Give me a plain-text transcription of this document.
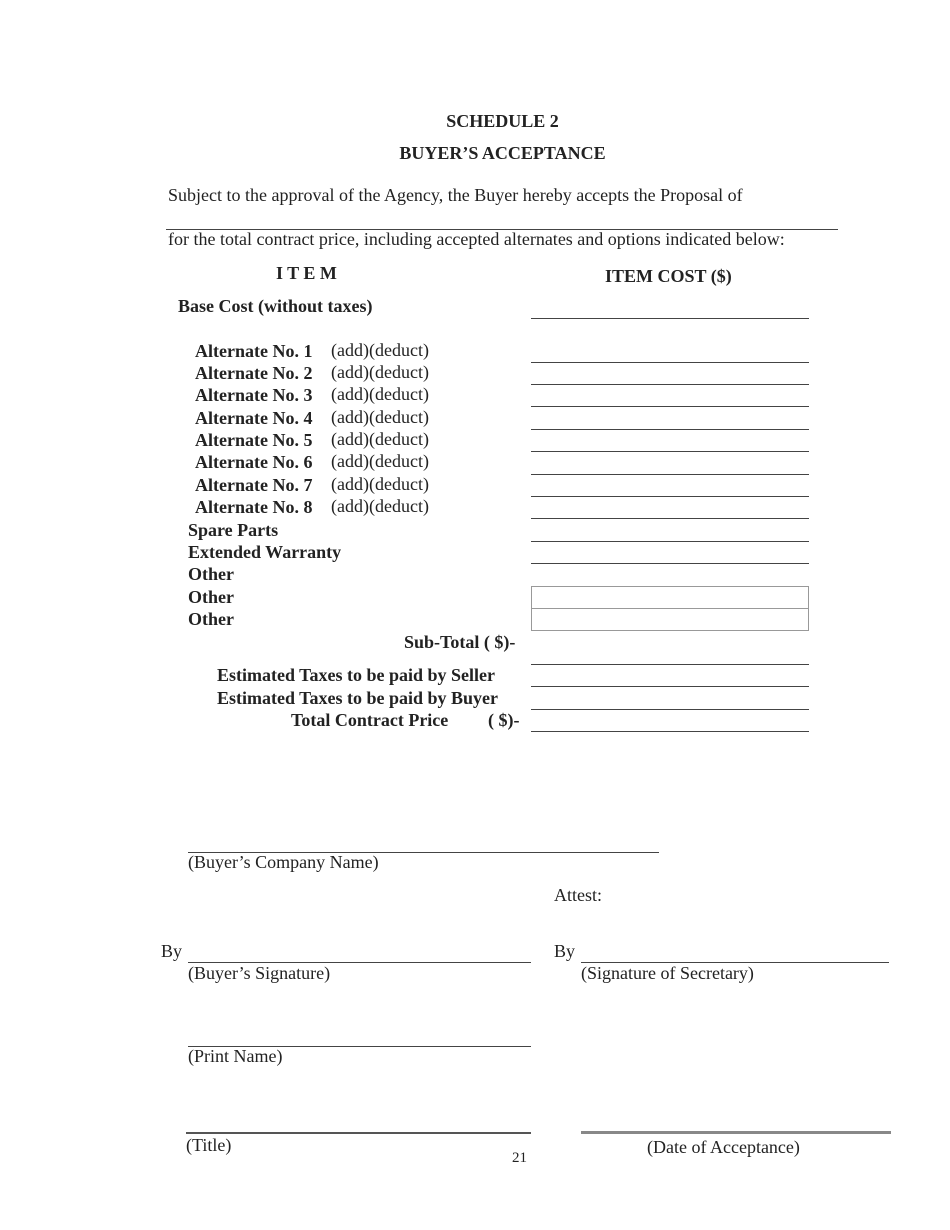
SCHEDULE 2
BUYER’S ACCEPTANCE
Subject to the approval of the Agency, the Buyer hereby accepts the Proposal of
for the total contract price, including accepted alternates and options indicated below:
I T E M	ITEM COST ($)
Base Cost (without taxes)
Alternate No. 1 (add)(deduct)
Alternate No. 2 (add)(deduct)
Alternate No. 3 (add)(deduct)
Alternate No. 4 (add)(deduct)
Alternate No. 5 (add)(deduct)
Alternate No. 6 (add)(deduct)
Alternate No. 7 (add)(deduct)
Alternate No. 8 (add)(deduct)
Spare Parts
Extended Warranty
Other
Other
Other
Sub-Total ( $)-
Estimated Taxes to be paid by Seller
Estimated Taxes to be paid by Buyer
Total Contract Price ( $)-
(Buyer’s Company Name)
Attest:
By
(Buyer’s Signature)
By
(Signature of Secretary)
(Print Name)
(Title)	(Date of Acceptance)
21
